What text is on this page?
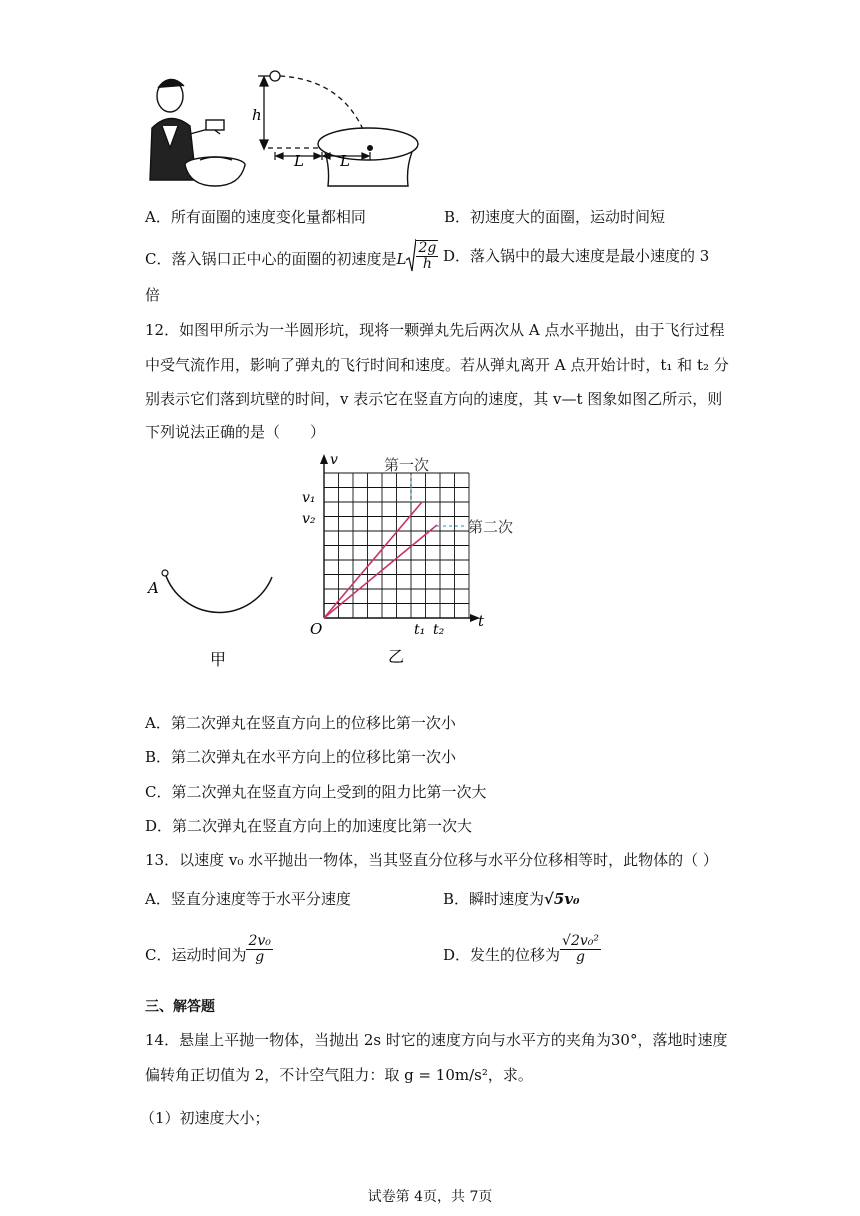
h
L L
A．所有面圈的速度变化量都相同	B．初速度大的面圈，运动时间短
C．落入锅口正中心的面圈的初速度是L $\frac{2g}{h}$ D．落入锅中的最大速度是最小速度的 3
倍
12．如图甲所示为一半圆形坑，现将一颗弹丸先后两次从 A 点水平抛出，由于飞行过程
中受气流作用，影响了弹丸的飞行时间和速度。若从弹丸离开 A 点开始计时，t₁ 和 t₂ 分
别表示它们落到坑壁的时间，v 表示它在竖直方向的速度，其 v—t 图象如图乙所示，则
下列说法正确的是（　　）
A
甲
v
v₁
v₂
O	t
t₁ t₂
第一次
第二次
乙
A．第二次弹丸在竖直方向上的位移比第一次小
B．第二次弹丸在水平方向上的位移比第一次小
C．第二次弹丸在竖直方向上受到的阻力比第一次大
D．第二次弹丸在竖直方向上的加速度比第一次大
13．以速度 v₀ 水平抛出一物体，当其竖直分位移与水平分位移相等时，此物体的（ ）
A．竖直分速度等于水平分速度	B．瞬时速度为√5v₀
C．运动时间为 $\frac{\text{2v₀}}{g}$	D．发生的位移为 $\frac{\text{√2v₀²}}{g}$
三、解答题
14．悬崖上平抛一物体，当抛出 2s 时它的速度方向与水平方的夹角为30°，落地时速度
偏转角正切值为 2，不计空气阻力：取 g = 10m/s²，求。
（1）初速度大小；
试卷第 4页，共 7页
